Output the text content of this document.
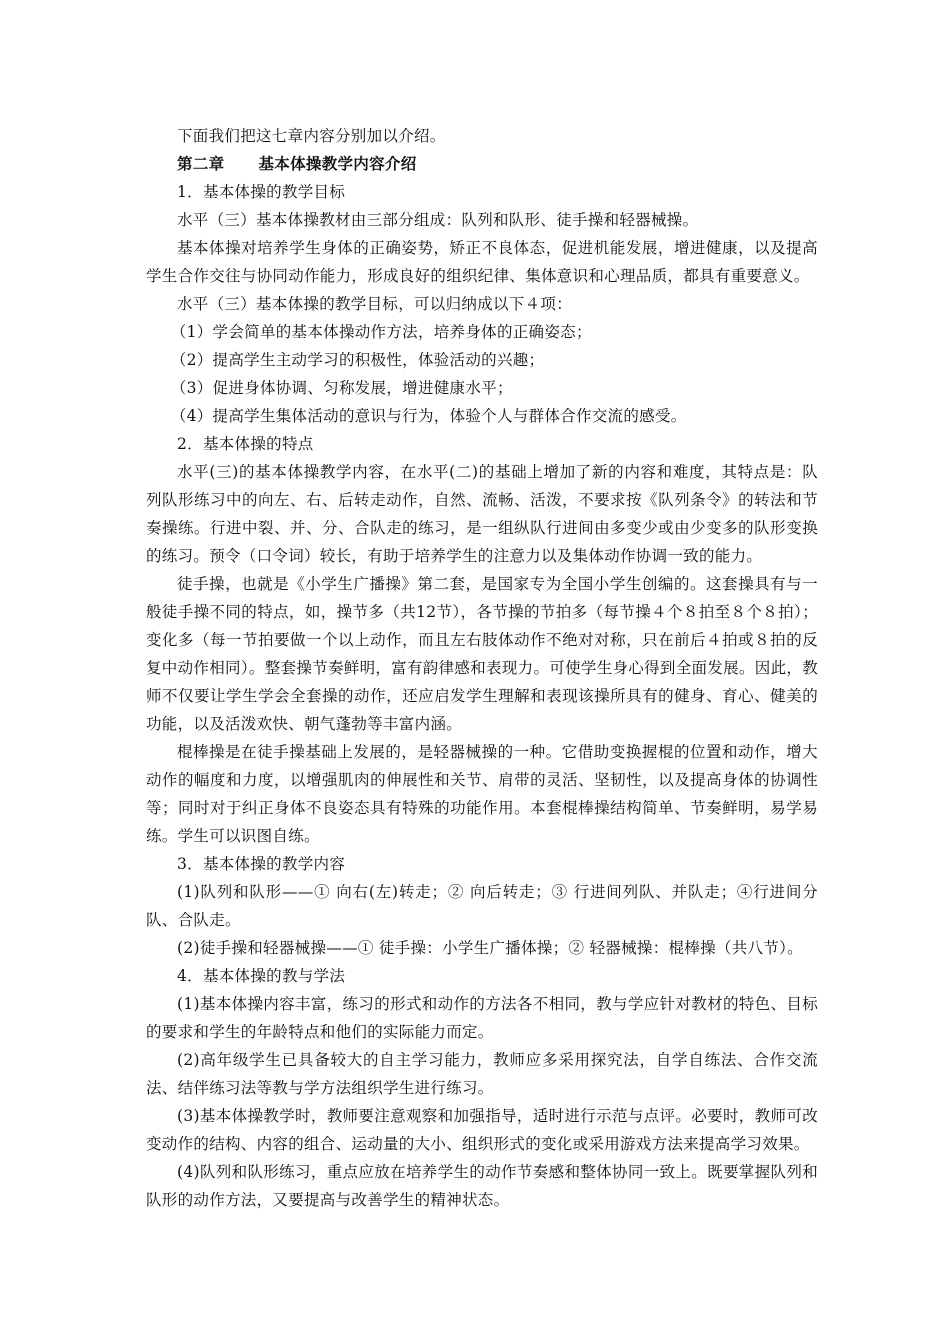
下面我们把这七章内容分别加以介绍。

第二章 基本体操教学内容介绍

1．基本体操的教学目标

水平（三）基本体操教材由三部分组成：队列和队形、徒手操和轻器械操。

基本体操对培养学生身体的正确姿势，矫正不良体态，促进机能发展，增进健康，以及提高学生合作交往与协同动作能力，形成良好的组织纪律、集体意识和心理品质，都具有重要意义。

水平（三）基本体操的教学目标，可以归纳成以下４项：

（1）学会简单的基本体操动作方法，培养身体的正确姿态；

（2）提高学生主动学习的积极性，体验活动的兴趣；

（3）促进身体协调、匀称发展，增进健康水平；

（4）提高学生集体活动的意识与行为，体验个人与群体合作交流的感受。

2．基本体操的特点

水平(三)的基本体操教学内容，在水平(二)的基础上增加了新的内容和难度，其特点是：队列队形练习中的向左、右、后转走动作，自然、流畅、活泼，不要求按《队列条令》的转法和节奏操练。行进中裂、并、分、合队走的练习，是一组纵队行进间由多变少或由少变多的队形变换的练习。预令（口令词）较长，有助于培养学生的注意力以及集体动作协调一致的能力。

徒手操，也就是《小学生广播操》第二套，是国家专为全国小学生创编的。这套操具有与一般徒手操不同的特点，如，操节多（共12节），各节操的节拍多（每节操４个８拍至８个８拍）；变化多（每一节拍要做一个以上动作，而且左右肢体动作不绝对对称，只在前后４拍或８拍的反复中动作相同）。整套操节奏鲜明，富有韵律感和表现力。可使学生身心得到全面发展。因此，教师不仅要让学生学会全套操的动作，还应启发学生理解和表现该操所具有的健身、育心、健美的功能，以及活泼欢快、朝气蓬勃等丰富内涵。

棍棒操是在徒手操基础上发展的，是轻器械操的一种。它借助变换握棍的位置和动作，增大动作的幅度和力度，以增强肌肉的伸展性和关节、肩带的灵活、坚韧性，以及提高身体的协调性等；同时对于纠正身体不良姿态具有特殊的功能作用。本套棍棒操结构简单、节奏鲜明，易学易练。学生可以识图自练。

3．基本体操的教学内容

(1)队列和队形——① 向右(左)转走；② 向后转走；③ 行进间列队、并队走；④行进间分队、合队走。

(2)徒手操和轻器械操——① 徒手操：小学生广播体操；② 轻器械操：棍棒操（共八节）。

4．基本体操的教与学法

(1)基本体操内容丰富，练习的形式和动作的方法各不相同，教与学应针对教材的特色、目标的要求和学生的年龄特点和他们的实际能力而定。

(2)高年级学生已具备较大的自主学习能力，教师应多采用探究法，自学自练法、合作交流法、结伴练习法等教与学方法组织学生进行练习。

(3)基本体操教学时，教师要注意观察和加强指导，适时进行示范与点评。必要时，教师可改变动作的结构、内容的组合、运动量的大小、组织形式的变化或采用游戏方法来提高学习效果。

(4)队列和队形练习，重点应放在培养学生的动作节奏感和整体协同一致上。既要掌握队列和队形的动作方法，又要提高与改善学生的精神状态。
